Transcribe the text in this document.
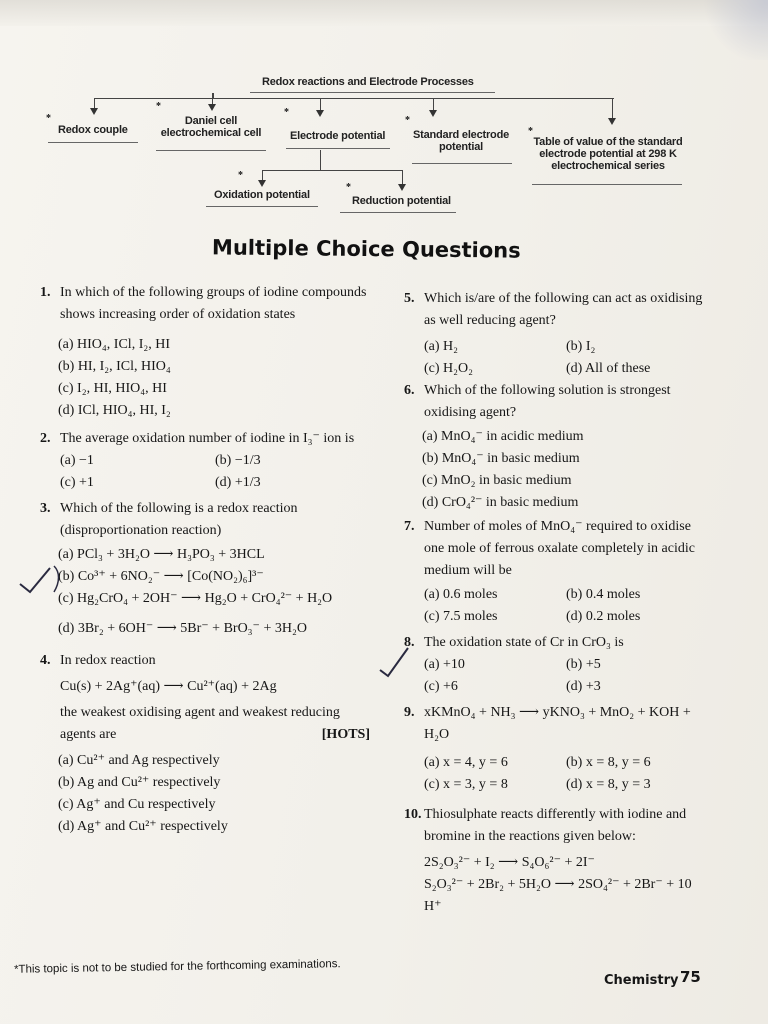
Redox reactions and Electrode Processes
*
*
*
*
*
Redox couple
Daniel cell electrochemical cell	Electrode potential	Standard electrode potential	Table of value of the standard electrode potential at 298 K electrochemical series
*
*
Oxidation potential	Reduction potential
Multiple Choice Questions
1. In which of the following groups of iodine compounds shows increasing order of oxidation states
(a) HIO₄, ICl, I₂, HI
(b) HI, I₂, ICl, HIO₄
(c) I₂, HI, HIO₄, HI
(d) ICl, HIO₄, HI, I₂
2. The average oxidation number of iodine in I₃⁻ ion is
(a) −1	(b) −1/3
(c) +1	(d) +1/3
3. Which of the following is a redox reaction (disproportionation reaction)
(a) PCl₃ + 3H₂O ⟶ H₃PO₃ + 3HCL
(b) Co³⁺ + 6NO₂⁻ ⟶ [Co(NO₂)₆]³⁻
(c) Hg₂CrO₄ + 2OH⁻ ⟶ Hg₂O + CrO₄²⁻ + H₂O
(d) 3Br₂ + 6OH⁻ ⟶ 5Br⁻ + BrO₃⁻ + 3H₂O
4. In redox reaction
Cu(s) + 2Ag⁺(aq) ⟶ Cu²⁺(aq) + 2Ag
the weakest oxidising agent and weakest reducing agents are	[HOTS]
(a) Cu²⁺ and Ag respectively
(b) Ag and Cu²⁺ respectively
(c) Ag⁺ and Cu respectively
(d) Ag⁺ and Cu²⁺ respectively
5. Which is/are of the following can act as oxidising as well reducing agent?
(a) H₂	(b) I₂
(c) H₂O₂	(d) All of these
6. Which of the following solution is strongest oxidising agent?
(a) MnO₄⁻ in acidic medium
(b) MnO₄⁻ in basic medium
(c) MnO₂ in basic medium
(d) CrO₄²⁻ in basic medium
7. Number of moles of MnO₄⁻ required to oxidise one mole of ferrous oxalate completely in acidic medium will be
(a) 0.6 moles	(b) 0.4 moles
(c) 7.5 moles	(d) 0.2 moles
8. The oxidation state of Cr in CrO₃ is
(a) +10	(b) +5
(c) +6	(d) +3
9. xKMnO₄ + NH₃ ⟶ yKNO₃ + MnO₂ + KOH + H₂O
(a) x = 4, y = 6	(b) x = 8, y = 6
(c) x = 3, y = 8	(d) x = 8, y = 3
10. Thiosulphate reacts differently with iodine and bromine in the reactions given below:
2S₂O₃²⁻ + I₂ ⟶ S₄O₆²⁻ + 2I⁻
S₂O₃²⁻ + 2Br₂ + 5H₂O ⟶ 2SO₄²⁻ + 2Br⁻ + 10 H⁺
*This topic is not to be studied for the forthcoming examinations.
Chemistry 75
